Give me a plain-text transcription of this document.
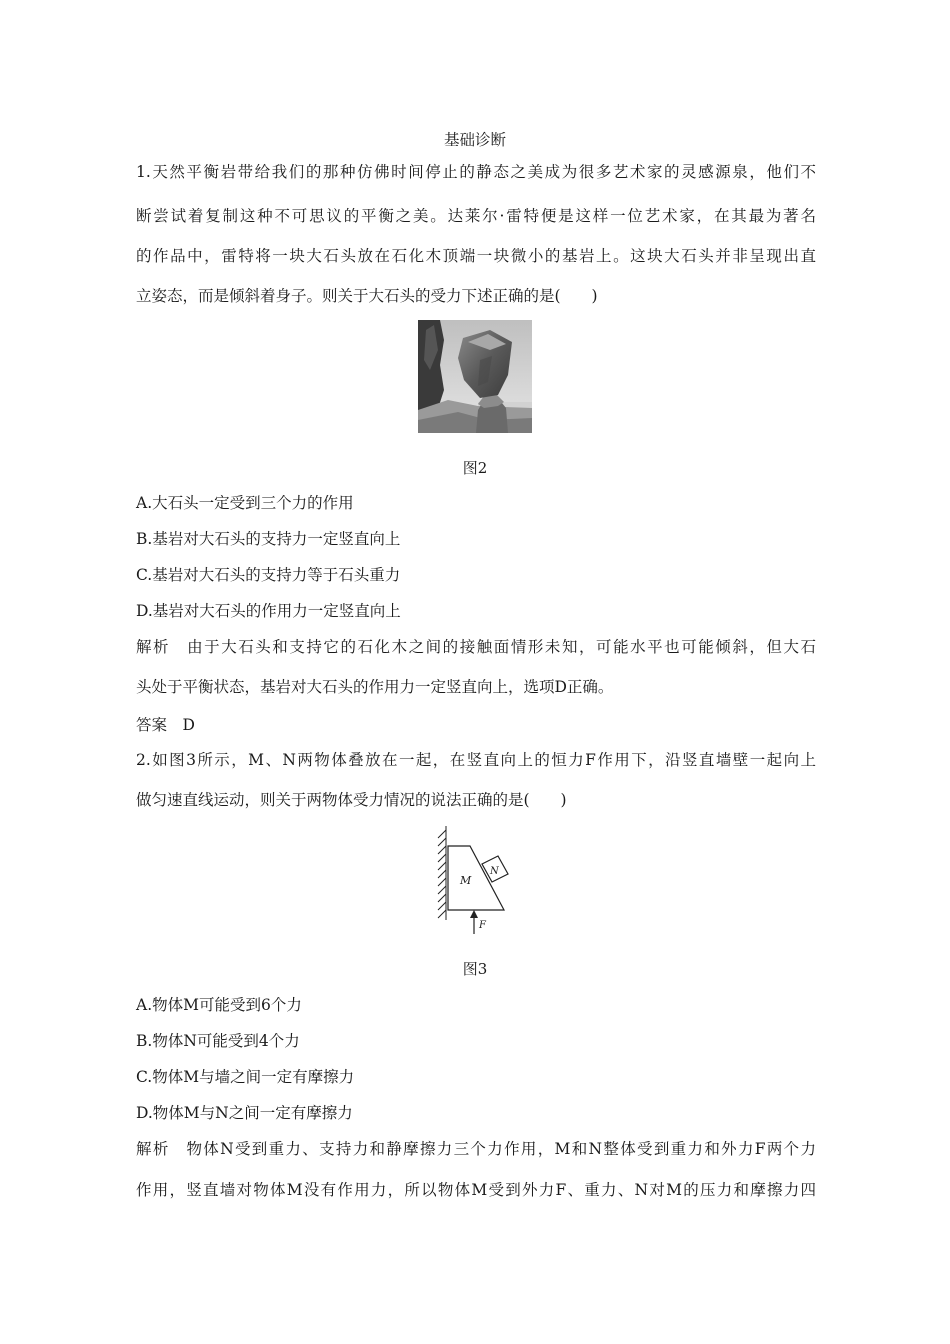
基础诊断
1.天然平衡岩带给我们的那种仿佛时间停止的静态之美成为很多艺术家的灵感源泉，他们不
断尝试着复制这种不可思议的平衡之美。达莱尔·雷特便是这样一位艺术家，在其最为著名
的作品中，雷特将一块大石头放在石化木顶端一块微小的基岩上。这块大石头并非呈现出直
立姿态，而是倾斜着身子。则关于大石头的受力下述正确的是(　　)
图2
A.大石头一定受到三个力的作用
B.基岩对大石头的支持力一定竖直向上
C.基岩对大石头的支持力等于石头重力
D.基岩对大石头的作用力一定竖直向上
解析　由于大石头和支持它的石化木之间的接触面情形未知，可能水平也可能倾斜，但大石
头处于平衡状态，基岩对大石头的作用力一定竖直向上，选项D正确。
答案　D
2.如图3所示，M、N两物体叠放在一起，在竖直向上的恒力F作用下，沿竖直墙壁一起向上
做匀速直线运动，则关于两物体受力情况的说法正确的是(　　)
M
N
F
图3
A.物体M可能受到6个力
B.物体N可能受到4个力
C.物体M与墙之间一定有摩擦力
D.物体M与N之间一定有摩擦力
解析　物体N受到重力、支持力和静摩擦力三个力作用，M和N整体受到重力和外力F两个力
作用，竖直墙对物体M没有作用力，所以物体M受到外力F、重力、N对M的压力和摩擦力四
